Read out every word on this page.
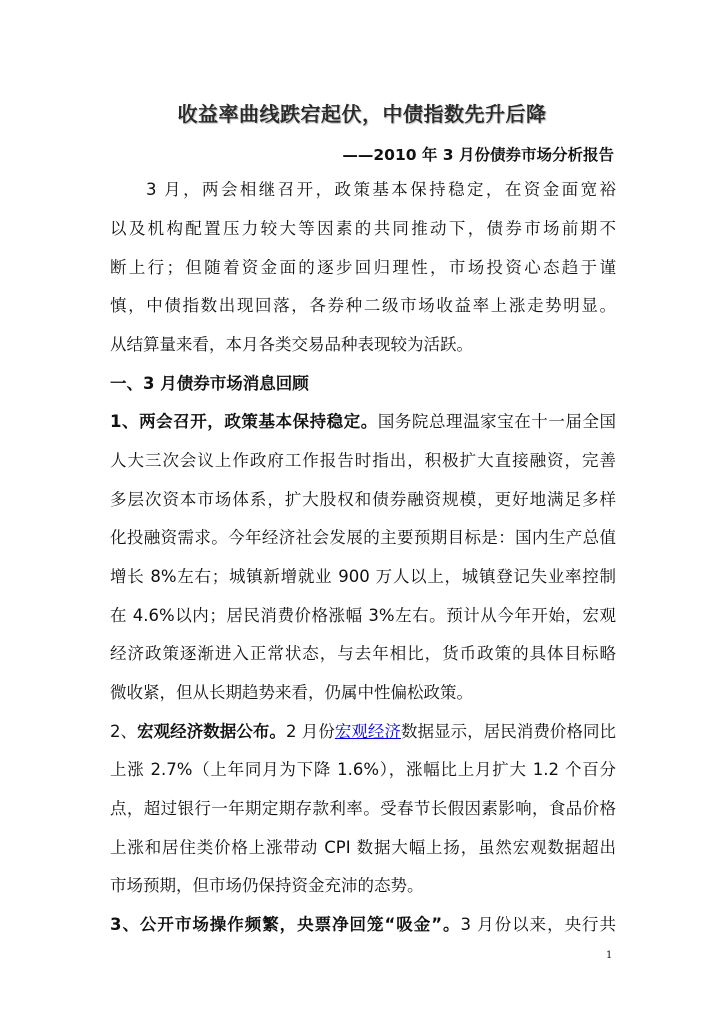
收益率曲线跌宕起伏，中债指数先升后降
——2010 年 3 月份债券市场分析报告
3 月，两会相继召开，政策基本保持稳定，在资金面宽裕
以及机构配置压力较大等因素的共同推动下，债券市场前期不
断上行；但随着资金面的逐步回归理性，市场投资心态趋于谨
慎，中债指数出现回落，各券种二级市场收益率上涨走势明显。
从结算量来看，本月各类交易品种表现较为活跃。
一、3 月债券市场消息回顾
1、两会召开，政策基本保持稳定。国务院总理温家宝在十一届全国
人大三次会议上作政府工作报告时指出，积极扩大直接融资，完善
多层次资本市场体系，扩大股权和债券融资规模，更好地满足多样
化投融资需求。今年经济社会发展的主要预期目标是：国内生产总值
增长 8%左右；城镇新增就业 900 万人以上，城镇登记失业率控制
在 4.6%以内；居民消费价格涨幅 3%左右。预计从今年开始，宏观
经济政策逐渐进入正常状态，与去年相比，货币政策的具体目标略
微收紧，但从长期趋势来看，仍属中性偏松政策。
2、宏观经济数据公布。2 月份宏观经济数据显示，居民消费价格同比
上涨 2.7%（上年同月为下降 1.6%），涨幅比上月扩大 1.2 个百分
点，超过银行一年期定期存款利率。受春节长假因素影响，食品价格
上涨和居住类价格上涨带动 CPI 数据大幅上扬，虽然宏观数据超出
市场预期，但市场仍保持资金充沛的态势。
3、公开市场操作频繁，央票净回笼“吸金”。3 月份以来，央行共
1
